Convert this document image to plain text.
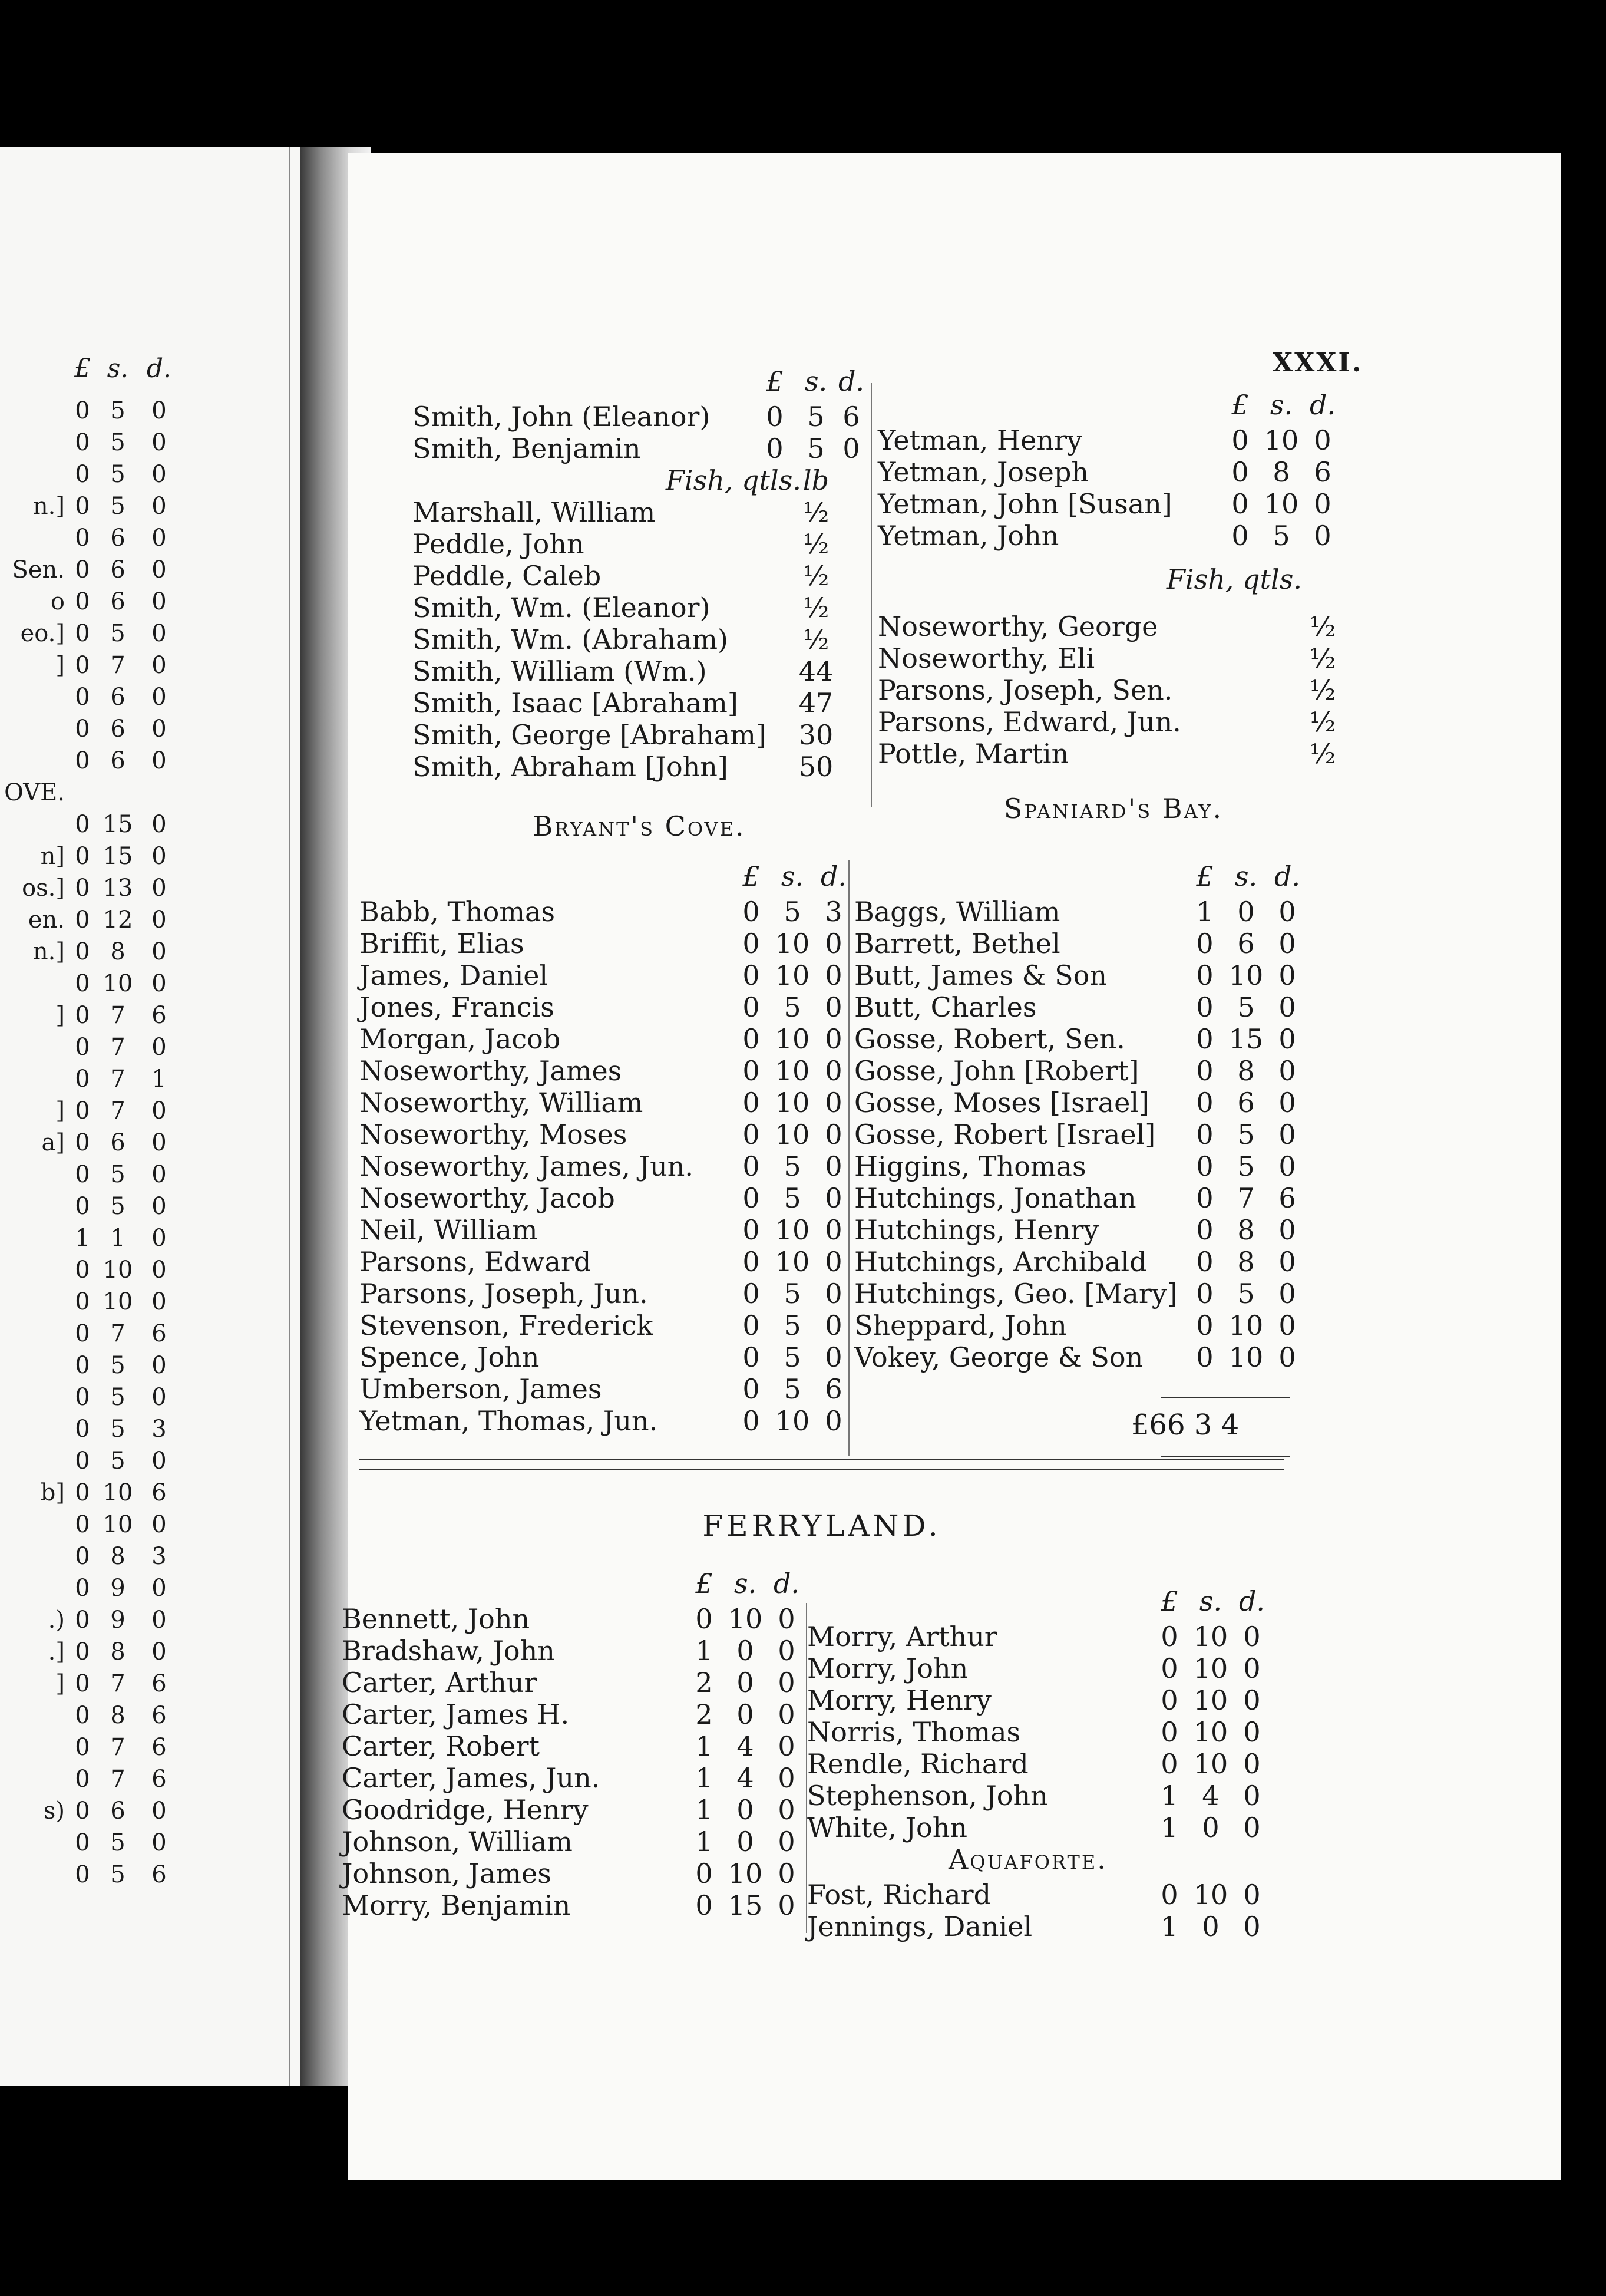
£ s. d.
0 5	0
0 5	0
0 5	0
n.] 0 5	0
0 6	0
Sen. 0 6	0
o 0 6	0
eo.] 0 5	0
] 0 7	0
0 6	0
0 6	0
0 6	0
OVE.
0 15 0
n] 0 15 0
os.] 0 13 0
en. 0 12 0
n.] 0 8	0
0 10 0
] 0 7	6
0 7	0
0 7	1
] 0 7	0
a] 0 6	0
0 5	0
0 5	0
1 1	0
0 10 0
0 10 0
0 7	6
0 5	0
0 5	0
0 5	3
0 5	0
b] 0 10 6
0 10 0
0 8	3
0 9	0
.) 0 9	0
.] 0 8	0
] 0 7	6
0 8	6
0 7	6
0 7	6
s) 0 6	0
0 5	0
0 5	6
XXXI.
£ s. d.
Smith, John (Eleanor)	0 5 6
Smith, Benjamin	0 5 0
Fish, qtls. lb
Marshall, William	½
Peddle, John	½
Peddle, Caleb	½
Smith, Wm. (Eleanor)	½
Smith, Wm. (Abraham)	½
Smith, William (Wm.)	44
Smith, Isaac [Abraham] 47
Smith, George [Abraham] 30
Smith, Abraham [John]	50
£ s. d.
Yetman, Henry	0 10 0
Yetman, Joseph	0 8 6
Yetman, John [Susan]	0 10 0
Yetman, John	0 5 0
Fish, qtls.
Noseworthy, George	½
Noseworthy, Eli	½
Parsons, Joseph, Sen.	½
Parsons, Edward, Jun.	½
Pottle, Martin	½
Bryant's Cove.
Spaniard's Bay.
£ s. d.
Babb, Thomas	0 5 3
Briffit, Elias	0 10 0
James, Daniel	0 10 0
Jones, Francis	0 5 0
Morgan, Jacob	0 10 0
Noseworthy, James	0 10 0
Noseworthy, William	0 10 0
Noseworthy, Moses	0 10 0
Noseworthy, James, Jun.	0 5 0
Noseworthy, Jacob	0 5 0
Neil, William	0 10 0
Parsons, Edward	0 10 0
Parsons, Joseph, Jun.	0 5 0
Stevenson, Frederick	0 5 0
Spence, John	0 5 0
Umberson, James	0 5 6
Yetman, Thomas, Jun.	0 10 0
£ s. d.
Baggs, William	1 0 0
Barrett, Bethel	0 6 0
Butt, James & Son	0 10 0
Butt, Charles	0 5 0
Gosse, Robert, Sen.	0 15 0
Gosse, John [Robert]	0 8 0
Gosse, Moses [Israel]	0 6 0
Gosse, Robert [Israel]	0 5 0
Higgins, Thomas	0 5 0
Hutchings, Jonathan	0 7 6
Hutchings, Henry	0 8 0
Hutchings, Archibald	0 8 0
Hutchings, Geo. [Mary] 0 5 0
Sheppard, John	0 10 0
Vokey, George & Son	0 10 0
£66 3 4
FERRYLAND.
£ s. d.
Bennett, John	0 10 0
Bradshaw, John	1 0 0
Carter, Arthur	2 0 0
Carter, James H.	2 0 0
Carter, Robert	1 4 0
Carter, James, Jun.	1 4 0
Goodridge, Henry	1 0 0
Johnson, William	1 0 0
Johnson, James	0 10 0
Morry, Benjamin	0 15 0
£ s. d.
Morry, Arthur	0 10 0
Morry, John	0 10 0
Morry, Henry	0 10 0
Norris, Thomas	0 10 0
Rendle, Richard	0 10 0
Stephenson, John	1 4 0
White, John	1 0 0
Aquaforte.
Fost, Richard	0 10 0
Jennings, Daniel	1 0 0
